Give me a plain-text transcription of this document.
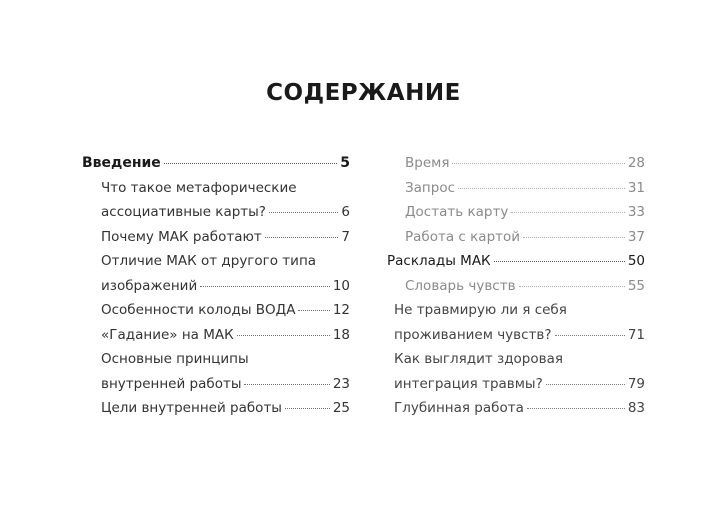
СОДЕРЖАНИЕ
Введение	5
Что такое метафорические
ассоциативные карты?	6
Почему МАК работают	7
Отличие МАК от другого типа
изображений	10
Особенности колоды ВОДА	12
«Гадание» на МАК	18
Основные принципы
внутренней работы	23
Цели внутренней работы	25
Время	28
Запрос	31
Достать карту	33
Работа с картой	37
Расклады МАК	50
Словарь чувств	55
Не травмирую ли я себя
проживанием чувств?	71
Как выглядит здоровая
интеграция травмы?	79
Глубинная работа	83
